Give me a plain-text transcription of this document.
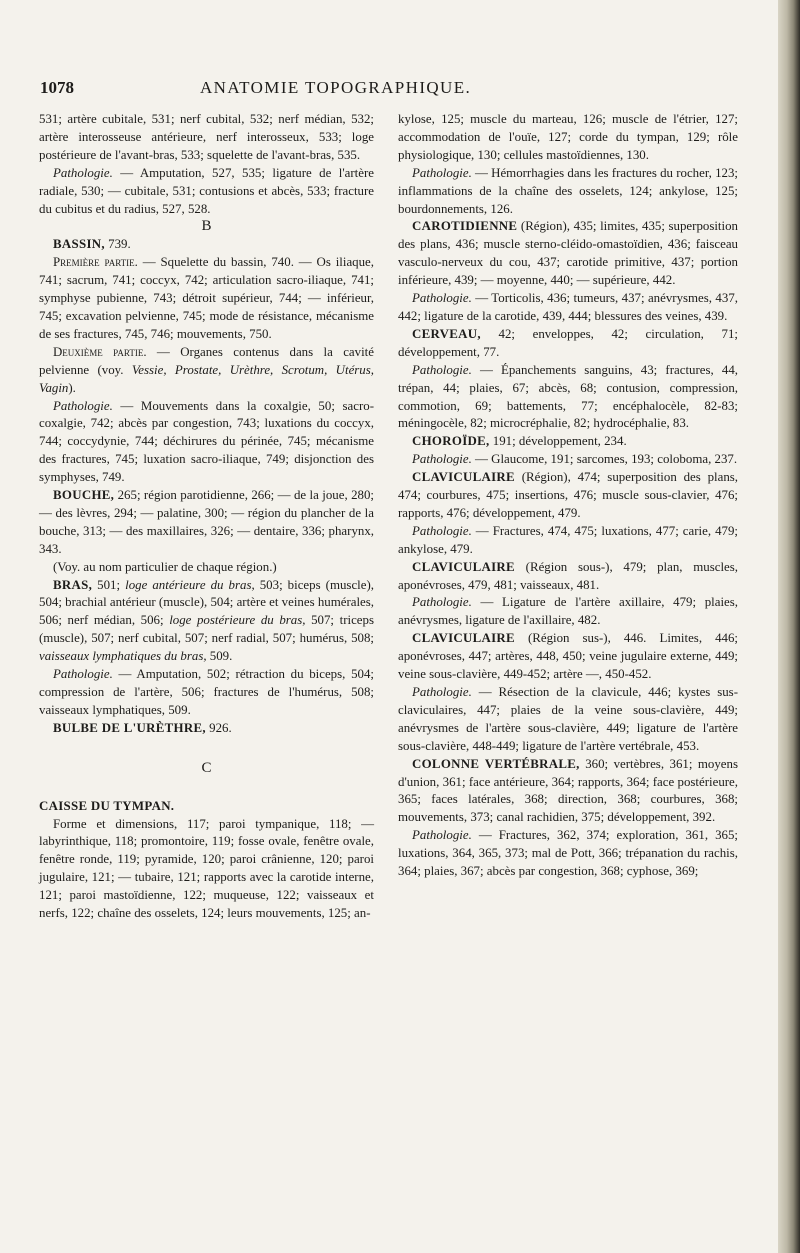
1078	ANATOMIE TOPOGRAPHIQUE.

531; artère cubitale, 531; nerf cubital, 532; nerf médian, 532; artère interosseuse antérieure, nerf interosseux, 533; loge postérieure de l'avant-bras, 533; squelette de l'avant-bras, 535.

Pathologie. — Amputation, 527, 535; ligature de l'artère radiale, 530; — cubitale, 531; contusions et abcès, 533; fracture du cubitus et du radius, 527, 528.

B

BASSIN, 739.

Première partie. — Squelette du bassin, 740. — Os iliaque, 741; sacrum, 741; coccyx, 742; articulation sacro-iliaque, 741; symphyse pubienne, 743; détroit supérieur, 744; — inférieur, 745; excavation pelvienne, 745; mode de résistance, mécanisme de ses fractures, 745, 746; mouvements, 750.

Deuxième partie. — Organes contenus dans la cavité pelvienne (voy. Vessie, Prostate, Urèthre, Scrotum, Utérus, Vagin).

Pathologie. — Mouvements dans la coxalgie, 50; sacro-coxalgie, 742; abcès par congestion, 743; luxations du coccyx, 744; coccydynie, 744; déchirures du périnée, 745; mécanisme des fractures, 745; luxation sacro-iliaque, 749; disjonction des symphyses, 749.

BOUCHE, 265; région parotidienne, 266; — de la joue, 280; — des lèvres, 294; — palatine, 300; — région du plancher de la bouche, 313; — des maxillaires, 326; — dentaire, 336; pharynx, 343.

(Voy. au nom particulier de chaque région.)

BRAS, 501; loge antérieure du bras, 503; biceps (muscle), 504; brachial antérieur (muscle), 504; artère et veines humérales, 506; nerf médian, 506; loge postérieure du bras, 507; triceps (muscle), 507; nerf cubital, 507; nerf radial, 507; humérus, 508; vaisseaux lymphatiques du bras, 509.

Pathologie. — Amputation, 502; rétraction du biceps, 504; compression de l'artère, 506; fractures de l'humérus, 508; vaisseaux lymphatiques, 509.

BULBE DE L'URÈTHRE, 926.

C

CAISSE DU TYMPAN.

Forme et dimensions, 117; paroi tympanique, 118; — labyrinthique, 118; promontoire, 119; fosse ovale, fenêtre ovale, fenêtre ronde, 119; pyramide, 120; paroi crânienne, 120; paroi jugulaire, 121; — tubaire, 121; rapports avec la carotide interne, 121; paroi mastoïdienne, 122; muqueuse, 122; vaisseaux et nerfs, 122; chaîne des osselets, 124; leurs mouvements, 125; an-

kylose, 125; muscle du marteau, 126; muscle de l'étrier, 127; accommodation de l'ouïe, 127; corde du tympan, 129; rôle physiologique, 130; cellules mastoïdiennes, 130.

Pathologie. — Hémorrhagies dans les fractures du rocher, 123; inflammations de la chaîne des osselets, 124; ankylose, 125; bourdonnements, 126.

CAROTIDIENNE (Région), 435; limites, 435; superposition des plans, 436; muscle sterno-cléido-omastoïdien, 436; faisceau vasculo-nerveux du cou, 437; carotide primitive, 437; portion inférieure, 439; — moyenne, 440; — supérieure, 442.

Pathologie. — Torticolis, 436; tumeurs, 437; anévrysmes, 437, 442; ligature de la carotide, 439, 444; blessures des veines, 439.

CERVEAU, 42; enveloppes, 42; circulation, 71; développement, 77.

Pathologie. — Épanchements sanguins, 43; fractures, 44, trépan, 44; plaies, 67; abcès, 68; contusion, compression, commotion, 69; battements, 77; encéphalocèle, 82-83; méningocèle, 82; microcréphalie, 82; hydrocéphalie, 83.

CHOROÏDE, 191; développement, 234.

Pathologie. — Glaucome, 191; sarcomes, 193; coloboma, 237.

CLAVICULAIRE (Région), 474; superposition des plans, 474; courbures, 475; insertions, 476; muscle sous-clavier, 476; rapports, 476; développement, 479.

Pathologie. — Fractures, 474, 475; luxations, 477; carie, 479; ankylose, 479.

CLAVICULAIRE (Région sous-), 479; plan, muscles, aponévroses, 479, 481; vaisseaux, 481.

Pathologie. — Ligature de l'artère axillaire, 479; plaies, anévrysmes, ligature de l'axillaire, 482.

CLAVICULAIRE (Région sus-), 446. Limites, 446; aponévroses, 447; artères, 448, 450; veine jugulaire externe, 449; veine sous-clavière, 449-452; artère —, 450-452.

Pathologie. — Résection de la clavicule, 446; kystes sus-claviculaires, 447; plaies de la veine sous-clavière, 449; anévrysmes de l'artère sous-clavière, 449; ligature de l'artère sous-clavière, 448-449; ligature de l'artère vertébrale, 453.

COLONNE VERTÉBRALE, 360; vertèbres, 361; moyens d'union, 361; face antérieure, 364; rapports, 364; face postérieure, 365; faces latérales, 368; direction, 368; courbures, 368; mouvements, 373; canal rachidien, 375; développement, 392.

Pathologie. — Fractures, 362, 374; exploration, 361, 365; luxations, 364, 365, 373; mal de Pott, 366; trépanation du rachis, 364; plaies, 367; abcès par congestion, 368; cyphose, 369;
